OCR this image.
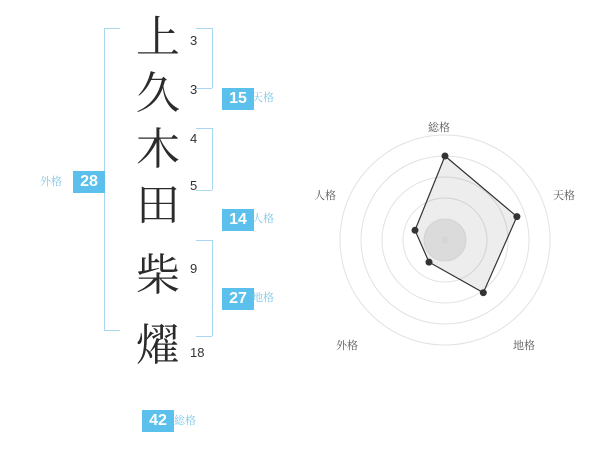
上
久
木
田
柴
燿
3
3
4
5
9
18
15 天格
14 人格
27 地格
28
外格
42 総格
総格
天格
地格
外格
人格
